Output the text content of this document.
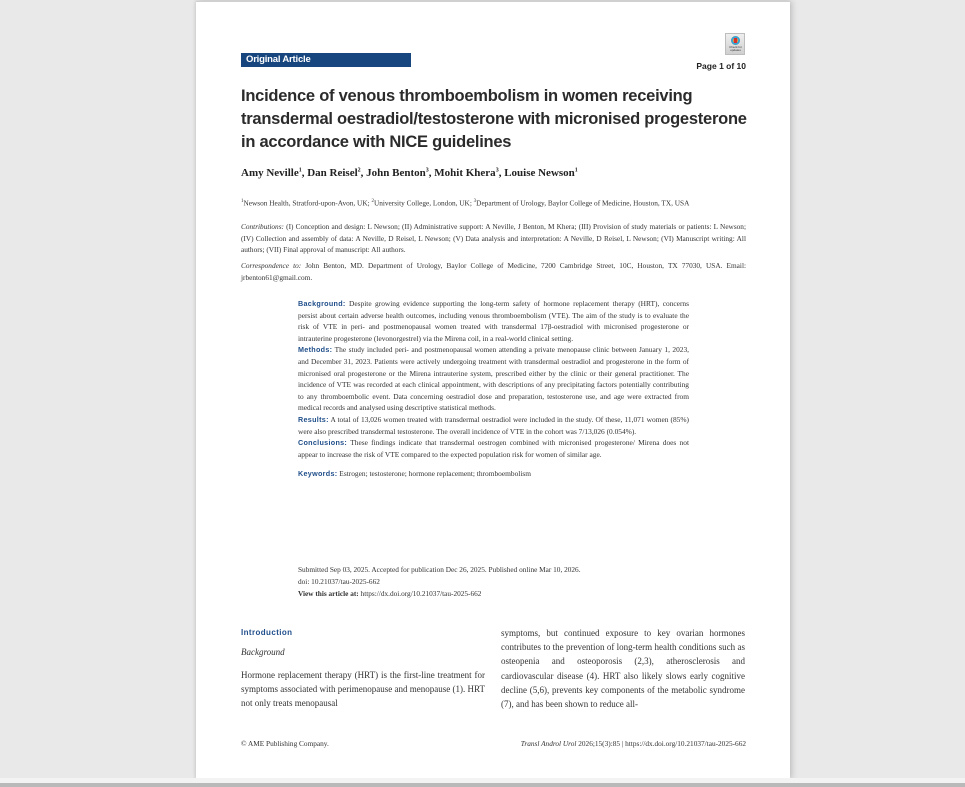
Original Article
Check for updates
Page 1 of 10
Incidence of venous thromboembolism in women receiving transdermal oestradiol/testosterone with micronised progesterone in accordance with NICE guidelines
Amy Neville$^1$, Dan Reisel$^2$, John Benton$^3$, Mohit Khera$^3$, Louise Newson$^1$
$^1$Newson Health, Stratford-upon-Avon, UK; $^2$University College, London, UK; $^3$Department of Urology, Baylor College of Medicine, Houston, TX, USA
Contributions: (I) Conception and design: L Newson; (II) Administrative support: A Neville, J Benton, M Khera; (III) Provision of study materials or patients: L Newson; (IV) Collection and assembly of data: A Neville, D Reisel, L Newson; (V) Data analysis and interpretation: A Neville, D Reisel, L Newson; (VI) Manuscript writing: All authors; (VII) Final approval of manuscript: All authors.
Correspondence to: John Benton, MD. Department of Urology, Baylor College of Medicine, 7200 Cambridge Street, 10C, Houston, TX 77030, USA. Email: jrbenton61@gmail.com.

Background: Despite growing evidence supporting the long-term safety of hormone replacement therapy (HRT), concerns persist about certain adverse health outcomes, including venous thromboembolism (VTE). The aim of the study is to evaluate the risk of VTE in peri- and postmenopausal women treated with transdermal 17β-oestradiol with micronised progesterone or intrauterine progesterone (levonorgestrel) via the Mirena coil, in a real-world clinical setting.

Methods: The study included peri- and postmenopausal women attending a private menopause clinic between January 1, 2023, and December 31, 2023. Patients were actively undergoing treatment with transdermal oestradiol and progesterone in the form of micronised oral progesterone or the Mirena intrauterine system, prescribed either by the clinic or their general practitioner. The incidence of VTE was recorded at each clinical appointment, with descriptions of any precipitating factors potentially contributing to any thromboembolic event. Data concerning oestradiol dose and preparation, testosterone use, and age were extracted from medical records and analysed using descriptive statistical methods.

Results: A total of 13,026 women treated with transdermal oestradiol were included in the study. Of these, 11,071 women (85%) were also prescribed transdermal testosterone. The overall incidence of VTE in the cohort was 7/13,026 (0.054%).

Conclusions: These findings indicate that transdermal oestrogen combined with micronised progesterone/ Mirena does not appear to increase the risk of VTE compared to the expected population risk for women of similar age.

Keywords: Estrogen; testosterone; hormone replacement; thromboembolism

Submitted Sep 03, 2025. Accepted for publication Dec 26, 2025. Published online Mar 10, 2026.
doi: 10.21037/tau-2025-662
View this article at: https://dx.doi.org/10.21037/tau-2025-662
Introduction
Background
Hormone replacement therapy (HRT) is the first-line treatment for symptoms associated with perimenopause and menopause (1). HRT not only treats menopausal
symptoms, but continued exposure to key ovarian hormones contributes to the prevention of long-term health conditions such as osteopenia and osteoporosis (2,3), atherosclerosis and cardiovascular disease (4). HRT also likely slows early cognitive decline (5,6), prevents key components of the metabolic syndrome (7), and has been shown to reduce all-
© AME Publishing Company.	Transl Androl Urol 2026;15(3):85 | https://dx.doi.org/10.21037/tau-2025-662
